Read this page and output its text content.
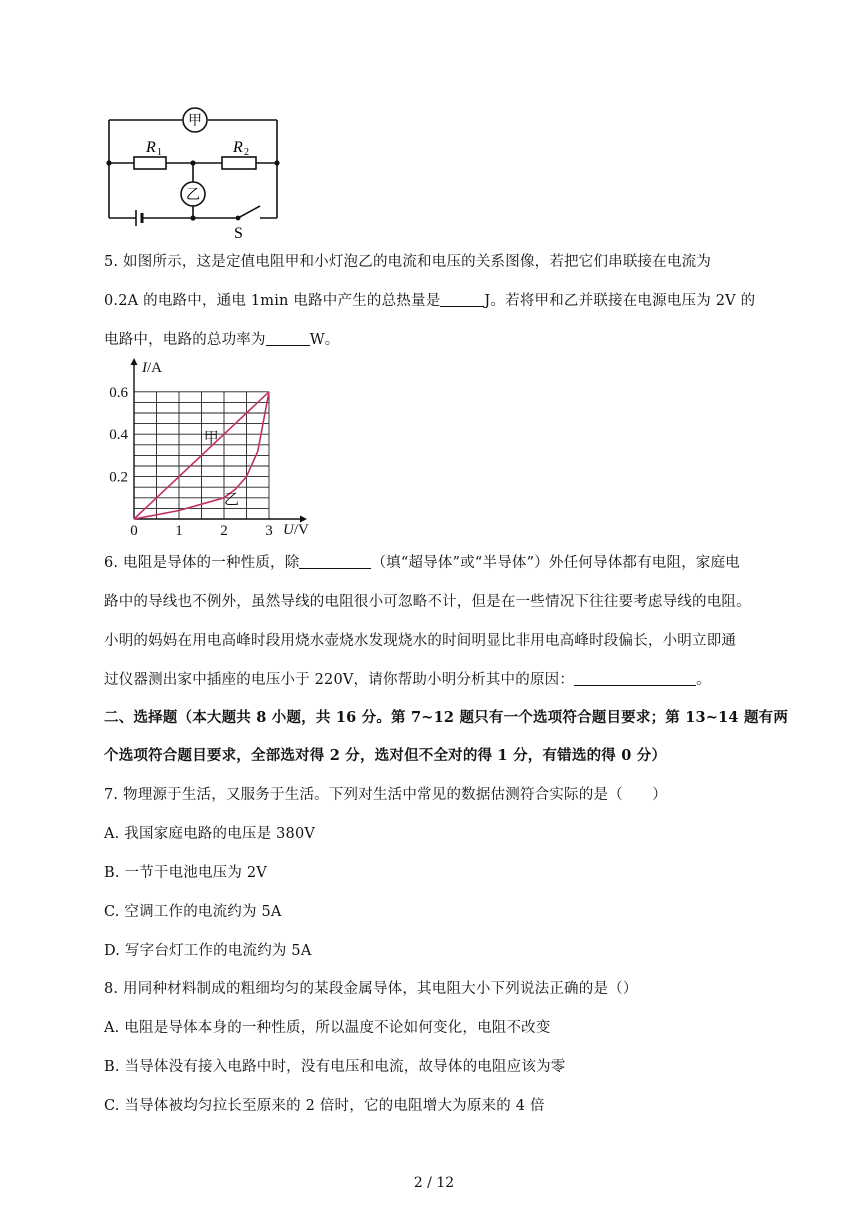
甲
乙
R 1	R 2
S
5. 如图所示，这是定值电阻甲和小灯泡乙的电流和电压的关系图像，若把它们串联接在电流为
0.2A 的电路中，通电 1min 电路中产生的总热量是	J。若将甲和乙并联接在电源电压为 2V 的
电路中，电路的总功率为	W。
甲
乙
0	1	2	3
0.2
0.4
0.6
I/A
U/V
6. 电阻是导体的一种性质，除	（填“超导体”或“半导体”）外任何导体都有电阻，家庭电
路中的导线也不例外，虽然导线的电阻很小可忽略不计，但是在一些情况下往往要考虑导线的电阻。
小明的妈妈在用电高峰时段用烧水壶烧水发现烧水的时间明显比非用电高峰时段偏长，小明立即通
过仪器测出家中插座的电压小于 220V，请你帮助小明分析其中的原因：	。
二、选择题（本大题共 8 小题，共 16 分。第 7~12 题只有一个选项符合题目要求；第 13~14 题有两
个选项符合题目要求，全部选对得 2 分，选对但不全对的得 1 分，有错选的得 0 分）
7. 物理源于生活，又服务于生活。下列对生活中常见的数据估测符合实际的是（　　）
A. 我国家庭电路的电压是 380V
B. 一节干电池电压为 2V
C. 空调工作的电流约为 5A
D. 写字台灯工作的电流约为 5A
8. 用同种材料制成的粗细均匀的某段金属导体，其电阻大小下列说法正确的是（）
A. 电阻是导体本身的一种性质，所以温度不论如何变化，电阻不改变
B. 当导体没有接入电路中时，没有电压和电流，故导体的电阻应该为零
C. 当导体被均匀拉长至原来的 2 倍时，它的电阻增大为原来的 4 倍
2 / 12
